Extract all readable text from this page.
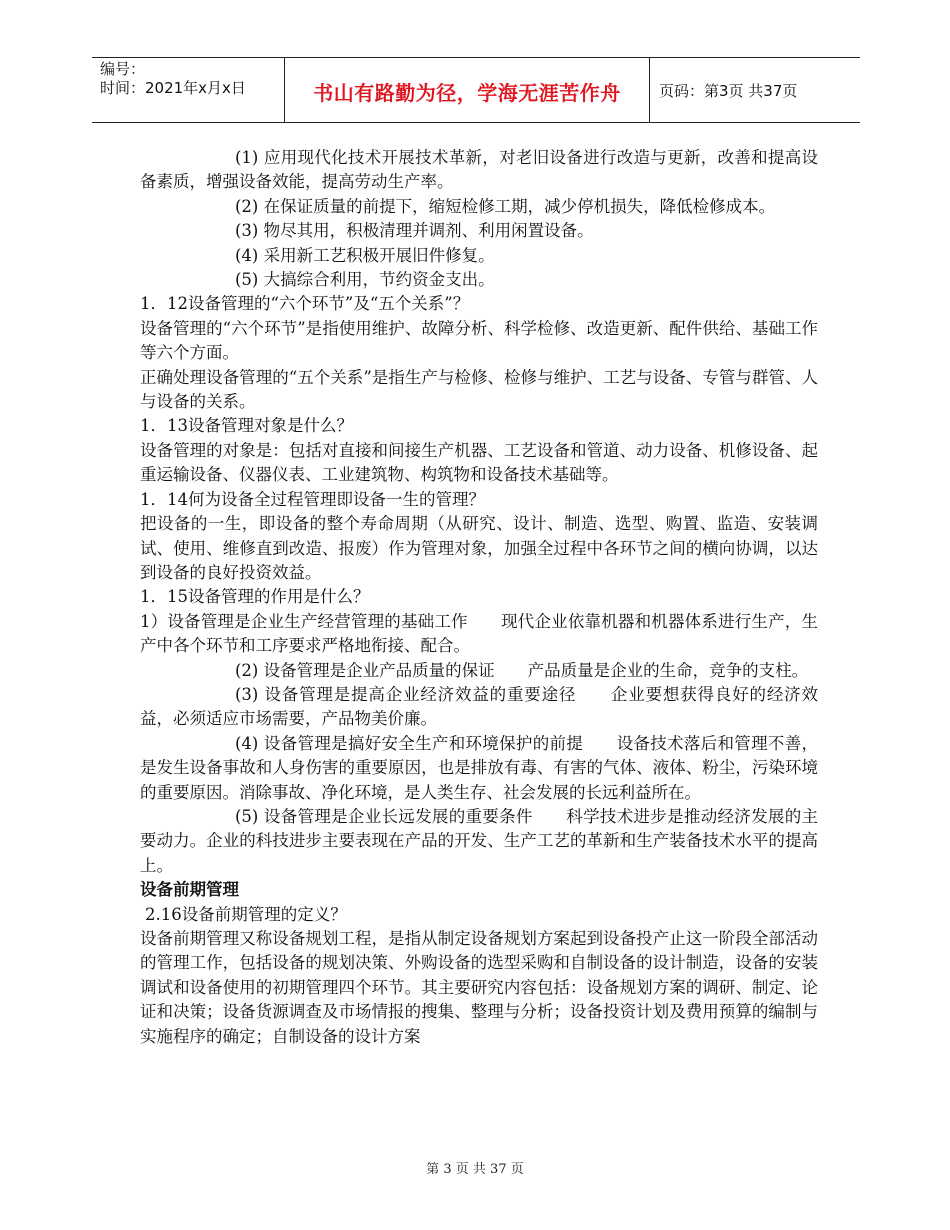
编号：
时间：2021年x月x日	书山有路勤为径，学海无涯苦作舟	页码：第3页 共37页

(1) 应用现代化技术开展技术革新，对老旧设备进行改造与更新，改善和提高设备素质，增强设备效能，提高劳动生产率。

(2) 在保证质量的前提下，缩短检修工期，减少停机损失，降低检修成本。

(3) 物尽其用，积极清理并调剂、利用闲置设备。

(4) 采用新工艺积极开展旧件修复。

(5) 大搞综合利用，节约资金支出。

1．12设备管理的“六个环节”及“五个关系”？

设备管理的“六个环节”是指使用维护、故障分析、科学检修、改造更新、配件供给、基础工作等六个方面。

正确处理设备管理的“五个关系”是指生产与检修、检修与维护、工艺与设备、专管与群管、人与设备的关系。

1．13设备管理对象是什么？

设备管理的对象是：包括对直接和间接生产机器、工艺设备和管道、动力设备、机修设备、起重运输设备、仪器仪表、工业建筑物、构筑物和设备技术基础等。

1．14何为设备全过程管理即设备一生的管理？

把设备的一生，即设备的整个寿命周期（从研究、设计、制造、选型、购置、监造、安装调试、使用、维修直到改造、报废）作为管理对象，加强全过程中各环节之间的横向协调，以达到设备的良好投资效益。

1．15设备管理的作用是什么？

1）设备管理是企业生产经营管理的基础工作　　现代企业依靠机器和机器体系进行生产，生产中各个环节和工序要求严格地衔接、配合。

(2) 设备管理是企业产品质量的保证　　产品质量是企业的生命，竞争的支柱。

(3) 设备管理是提高企业经济效益的重要途径　　企业要想获得良好的经济效益，必须适应市场需要，产品物美价廉。

(4) 设备管理是搞好安全生产和环境保护的前提　　设备技术落后和管理不善，是发生设备事故和人身伤害的重要原因，也是排放有毒、有害的气体、液体、粉尘，污染环境的重要原因。消除事故、净化环境，是人类生存、社会发展的长远利益所在。

(5) 设备管理是企业长远发展的重要条件　　科学技术进步是推动经济发展的主要动力。企业的科技进步主要表现在产品的开发、生产工艺的革新和生产装备技术水平的提高上。

设备前期管理

2.16设备前期管理的定义？

设备前期管理又称设备规划工程，是指从制定设备规划方案起到设备投产止这一阶段全部活动的管理工作，包括设备的规划决策、外购设备的选型采购和自制设备的设计制造，设备的安装调试和设备使用的初期管理四个环节。其主要研究内容包括：设备规划方案的调研、制定、论证和决策；设备货源调查及市场情报的搜集、整理与分析；设备投资计划及费用预算的编制与实施程序的确定；自制设备的设计方案

第 3 页 共 37 页
